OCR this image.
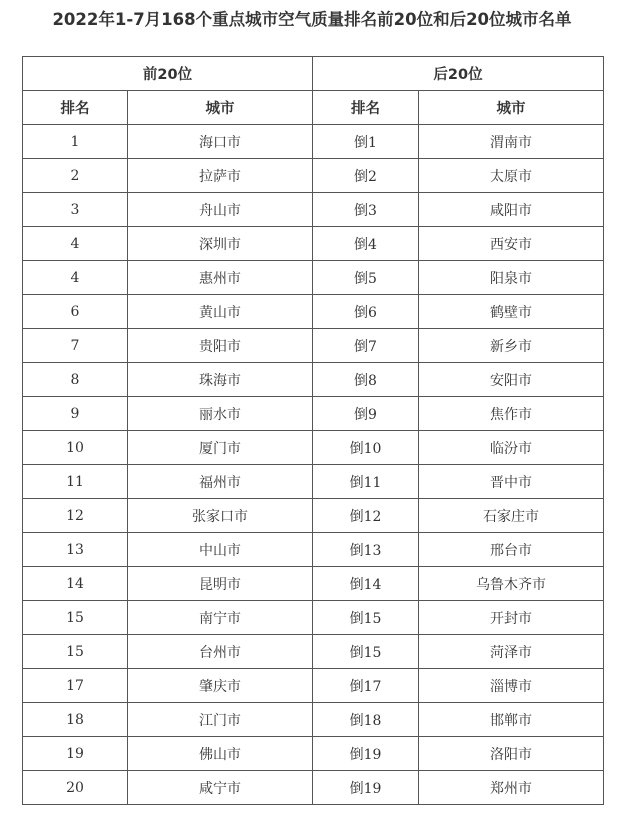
2022年1-7月168个重点城市空气质量排名前20位和后20位城市名单
前20位		后20位	
排名	城市	排名	城市
1	海口市	倒1	渭南市
2	拉萨市	倒2	太原市
3	舟山市	倒3	咸阳市
4	深圳市	倒4	西安市
4	惠州市	倒5	阳泉市
6	黄山市	倒6	鹤壁市
7	贵阳市	倒7	新乡市
8	珠海市	倒8	安阳市
9	丽水市	倒9	焦作市
10	厦门市	倒10	临汾市
11	福州市	倒11	晋中市
12	张家口市	倒12	石家庄市
13	中山市	倒13	邢台市
14	昆明市	倒14	乌鲁木齐市
15	南宁市	倒15	开封市
15	台州市	倒15	菏泽市
17	肇庆市	倒17	淄博市
18	江门市	倒18	邯郸市
19	佛山市	倒19	洛阳市
20	咸宁市	倒19	郑州市
